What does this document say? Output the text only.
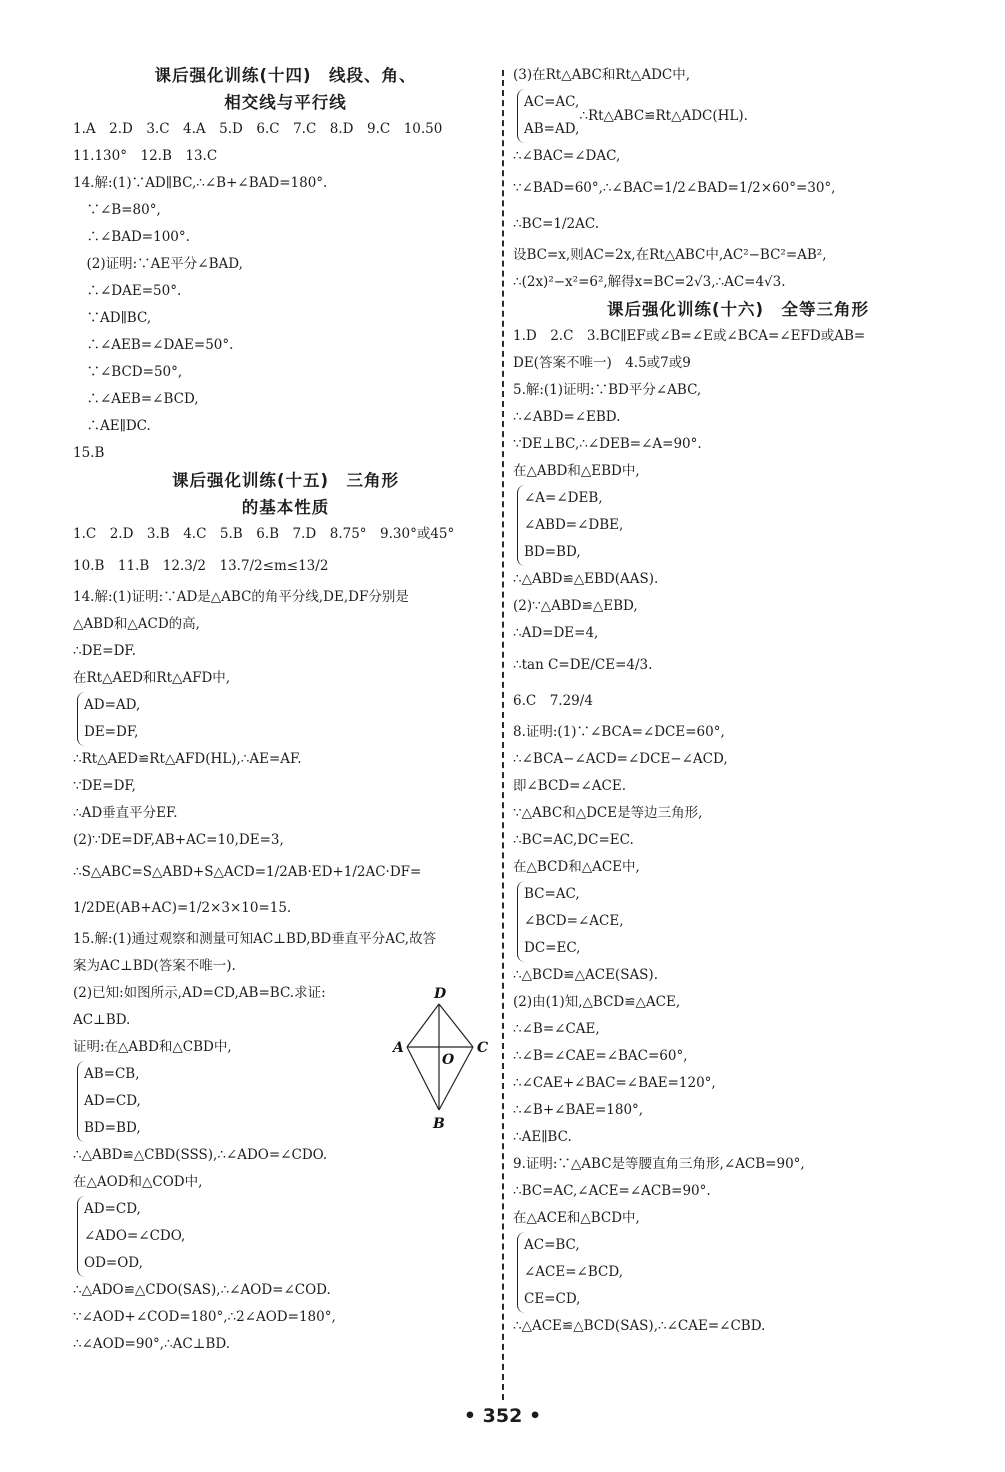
课后强化训练(十四)　线段、角、
相交线与平行线
1.A　2.D　3.C　4.A　5.D　6.C　7.C　8.D　9.C　10.50
11.130°　12.B　13.C
14.解:(1)∵AD∥BC,∴∠B+∠BAD=180°.
　∵∠B=80°,
　∴∠BAD=100°.
　(2)证明:∵AE平分∠BAD,
　∴∠DAE=50°.
　∵AD∥BC,
　∴∠AEB=∠DAE=50°.
　∵∠BCD=50°,
　∴∠AEB=∠BCD,
　∴AE∥DC.
15.B
课后强化训练(十五)　三角形
的基本性质
1.C　2.D　3.B　4.C　5.B　6.B　7.D　8.75°　9.30°或45°
10.B　11.B　12.3/2　13.7/2≤m≤13/2
14.解:(1)证明:∵AD是△ABC的角平分线,DE,DF分别是
△ABD和△ACD的高,
∴DE=DF.
在Rt△AED和Rt△AFD中,
AD=AD,
DE=DF,
∴Rt△AED≌Rt△AFD(HL),∴AE=AF.
∵DE=DF,
∴AD垂直平分EF.
(2)∵DE=DF,AB+AC=10,DE=3,
∴S△ABC=S△ABD+S△ACD=1/2AB·ED+1/2AC·DF=
1/2DE(AB+AC)=1/2×3×10=15.
15.解:(1)通过观察和测量可知AC⊥BD,BD垂直平分AC,故答
案为AC⊥BD(答案不唯一).
(2)已知:如图所示,AD=CD,AB=BC.求证:
AC⊥BD.
证明:在△ABD和△CBD中,
AB=CB,
AD=CD,
BD=BD,
∴△ABD≌△CBD(SSS),∴∠ADO=∠CDO.
在△AOD和△COD中,
AD=CD,
∠ADO=∠CDO,
OD=OD,
∴△ADO≌△CDO(SAS),∴∠AOD=∠COD.
∵∠AOD+∠COD=180°,∴2∠AOD=180°,
∴∠AOD=90°,∴AC⊥BD.
D
A	C
O
B
(3)在Rt△ABC和Rt△ADC中,
AC=AC,
AB=AD,
∴Rt△ABC≌Rt△ADC(HL).
∴∠BAC=∠DAC,
∵∠BAD=60°,∴∠BAC=1/2∠BAD=1/2×60°=30°,
∴BC=1/2AC.
设BC=x,则AC=2x,在Rt△ABC中,AC²−BC²=AB²,
∴(2x)²−x²=6²,解得x=BC=2√3,∴AC=4√3.
课后强化训练(十六)　全等三角形
1.D　2.C　3.BC∥EF或∠B=∠E或∠BCA=∠EFD或AB=
DE(答案不唯一)　4.5或7或9
5.解:(1)证明:∵BD平分∠ABC,
∴∠ABD=∠EBD.
∵DE⊥BC,∴∠DEB=∠A=90°.
在△ABD和△EBD中,
∠A=∠DEB,
∠ABD=∠DBE,
BD=BD,
∴△ABD≌△EBD(AAS).
(2)∵△ABD≌△EBD,
∴AD=DE=4,
∴tan C=DE/CE=4/3.
6.C　7.29/4
8.证明:(1)∵∠BCA=∠DCE=60°,
∴∠BCA−∠ACD=∠DCE−∠ACD,
即∠BCD=∠ACE.
∵△ABC和△DCE是等边三角形,
∴BC=AC,DC=EC.
在△BCD和△ACE中,
BC=AC,
∠BCD=∠ACE,
DC=EC,
∴△BCD≌△ACE(SAS).
(2)由(1)知,△BCD≌△ACE,
∴∠B=∠CAE,
∴∠B=∠CAE=∠BAC=60°,
∴∠CAE+∠BAC=∠BAE=120°,
∴∠B+∠BAE=180°,
∴AE∥BC.
9.证明:∵△ABC是等腰直角三角形,∠ACB=90°,
∴BC=AC,∠ACE=∠ACB=90°.
在△ACE和△BCD中,
AC=BC,
∠ACE=∠BCD,
CE=CD,
∴△ACE≌△BCD(SAS),∴∠CAE=∠CBD.
• 352 •
